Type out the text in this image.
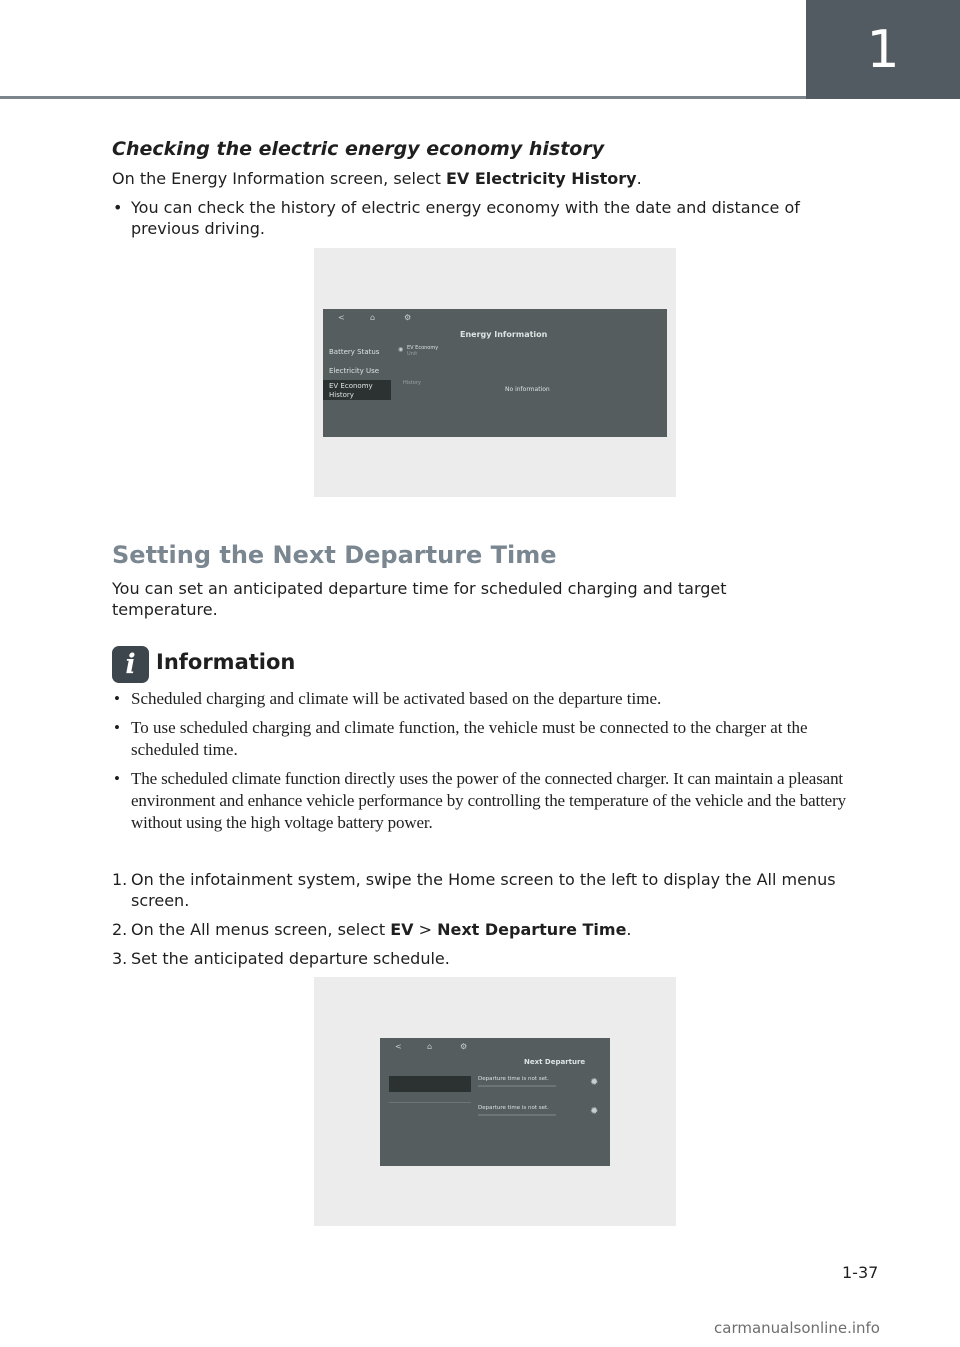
1
Checking the electric energy economy history

On the Energy Information screen, select EV Electricity History.

• You can check the history of electric energy economy with the date and distance of previous driving.

<	⌂	⚙
Energy Information
Battery Status
Electricity Use
EV Economy
History
◉ EV Economy
Unit
History
No information
Setting the Next Departure Time

You can set an anticipated departure time for scheduled charging and target temperature.

i Information
• Scheduled charging and climate will be activated based on the departure time.

• To use scheduled charging and climate function, the vehicle must be connected to the charger at the scheduled time.

• The scheduled climate function directly uses the power of the connected charger. It can maintain a pleasant environment and enhance vehicle performance by controlling the temperature of the vehicle and the battery without using the high voltage battery power.

1. On the infotainment system, swipe the Home screen to the left to display the All menus screen.

2. On the All menus screen, select EV > Next Departure Time.

3. Set the anticipated departure schedule.

<	⌂	⚙
Next Departure
Departure time is not set.	✹
Departure time is not set.	✹
1-37
carmanualsonline.info
